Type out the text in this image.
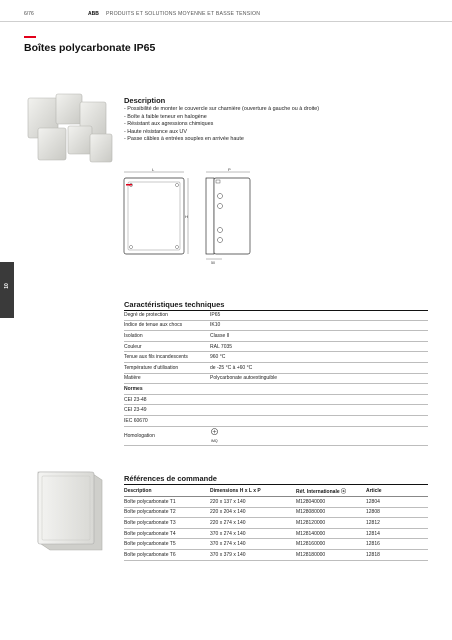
6/76	ABB PRODUITS ET SOLUTIONS MOYENNE ET BASSE TENSION
Boîtes polycarbonate IP65
10
Description
- Possibilité de monter le couvercle sur charnière (ouverture à gauche ou à droite)
- Boîte à faible teneur en halogène
- Résistant aux agressions chimiques
- Haute résistance aux UV
- Passe câbles à entrées souples en arrivée haute
L
H
P
50
Caractéristiques techniques
Degré de protection	IP65
Indice de tenue aux chocs	IK10
Isolation	Classe II
Couleur	RAL 7035
Tenue aux fils incandescents	960 °C
Température d’utilisation	de -25 °C à +60 °C
Matière	Polycarbonate autoextinguible
Normes	
CEI 23-48	
CEI 23-49	
IEC 60670	
Homologation	IMQ
Références de commande
Description	Dimensions H x L x P	Réf. Internationale ⓐ	Article
Boîte polycarbonate T1	220 x 137 x 140	M128040000	12804
Boîte polycarbonate T2	220 x 204 x 140	M128080000	12808
Boîte polycarbonate T3	220 x 274 x 140	M128120000	12812
Boîte polycarbonate T4	370 x 274 x 140	M128140000	12814
Boîte polycarbonate T5	370 x 274 x 140	M128160000	12816
Boîte polycarbonate T6	370 x 379 x 140	M128180000	12818
